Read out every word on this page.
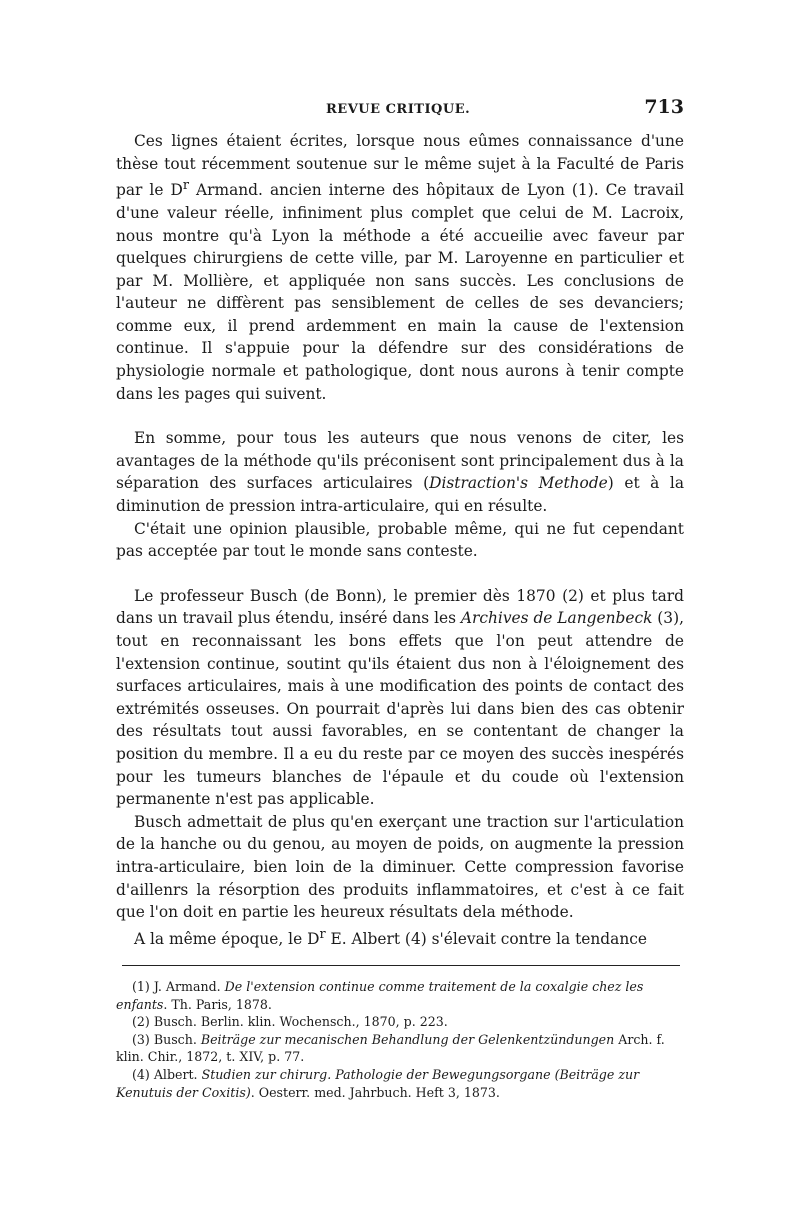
REVUE CRITIQUE.	713

Ces lignes étaient écrites, lorsque nous eûmes connaissance d'une thèse tout récemment soutenue sur le même sujet à la Faculté de Paris par le $D^r$ Armand. ancien interne des hôpitaux de Lyon (1). Ce travail d'une valeur réelle, infiniment plus complet que celui de M. Lacroix, nous montre qu'à Lyon la méthode a été accueilie avec faveur par quelques chirurgiens de cette ville, par M. Laroyenne en particulier et par M. Mollière, et appliquée non sans succès. Les conclusions de l'auteur ne diffèrent pas sensiblement de celles de ses devanciers; comme eux, il prend ardemment en main la cause de l'extension continue. Il s'appuie pour la défendre sur des considérations de physiologie normale et pathologique, dont nous aurons à tenir compte dans les pages qui suivent.

En somme, pour tous les auteurs que nous venons de citer, les avantages de la méthode qu'ils préconisent sont principalement dus à la séparation des surfaces articulaires (Distraction's Methode) et à la diminution de pression intra-articulaire, qui en résulte.

C'était une opinion plausible, probable même, qui ne fut cependant pas acceptée par tout le monde sans conteste.

Le professeur Busch (de Bonn), le premier dès 1870 (2) et plus tard dans un travail plus étendu, inséré dans les Archives de Langenbeck (3), tout en reconnaissant les bons effets que l'on peut attendre de l'extension continue, soutint qu'ils étaient dus non à l'éloignement des surfaces articulaires, mais à une modification des points de contact des extrémités osseuses. On pourrait d'après lui dans bien des cas obtenir des résultats tout aussi favorables, en se contentant de changer la position du membre. Il a eu du reste par ce moyen des succès inespérés pour les tumeurs blanches de l'épaule et du coude où l'extension permanente n'est pas applicable.

Busch admettait de plus qu'en exerçant une traction sur l'articulation de la hanche ou du genou, au moyen de poids, on augmente la pression intra-articulaire, bien loin de la diminuer. Cette compression favorise d'aillenrs la résorption des produits inflammatoires, et c'est à ce fait que l'on doit en partie les heureux résultats dela méthode.

A la même époque, le $D^r$ E. Albert (4) s'élevait contre la tendance

(1) J. Armand. De l'extension continue comme traitement de la coxalgie chez les enfants. Th. Paris, 1878.

(2) Busch. Berlin. klin. Wochensch., 1870, p. 223.

(3) Busch. Beiträge zur mecanischen Behandlung der Gelenkentzündungen Arch. f. klin. Chir., 1872, t. XIV, p. 77.

(4) Albert. Studien zur chirurg. Pathologie der Bewegungsorgane (Beiträge zur Kenutuis der Coxitis). Oesterr. med. Jahrbuch. Heft 3, 1873.
